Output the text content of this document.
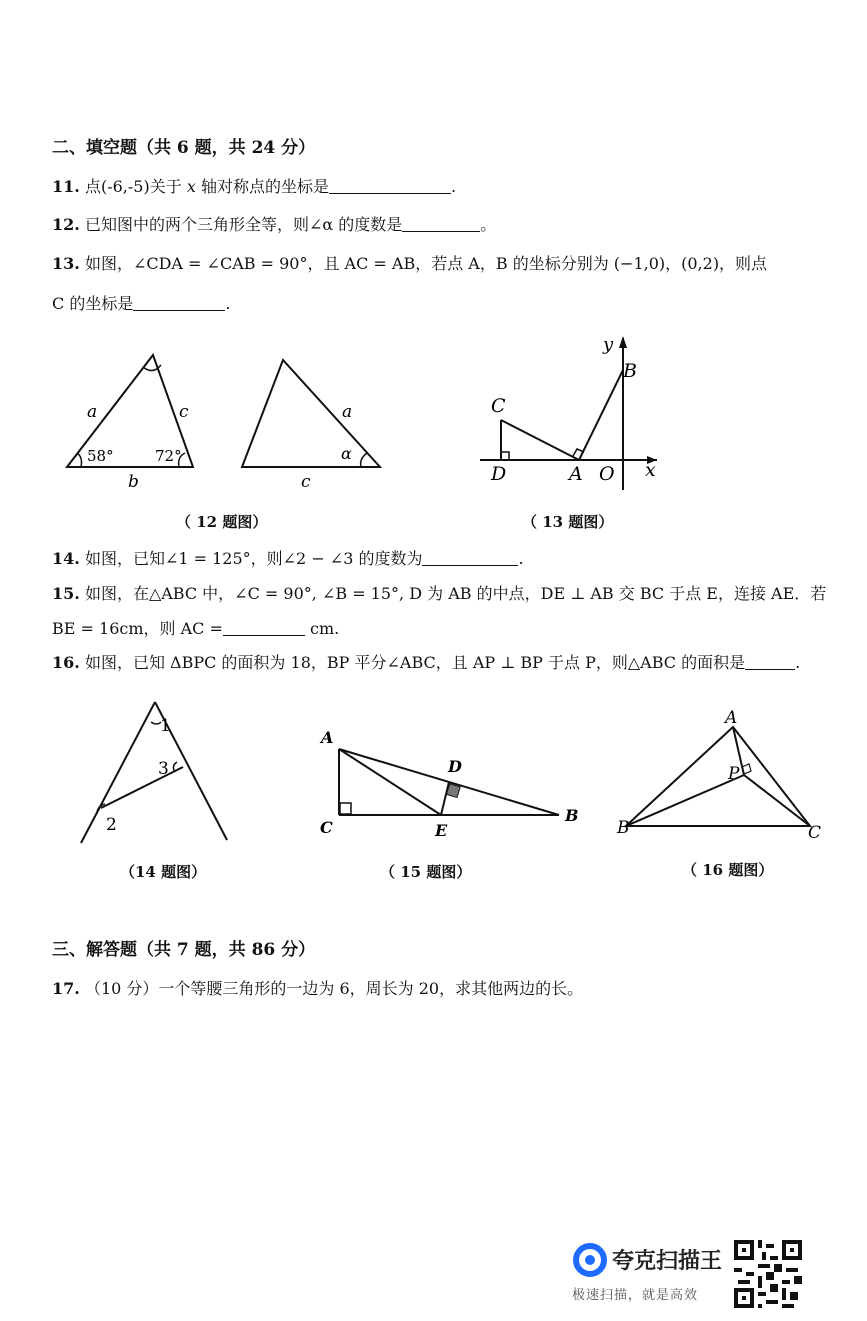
二、填空题（共 6 题，共 24 分）
11. 点(-6,-5)关于 x 轴对称点的坐标是	.
12. 已知图中的两个三角形全等，则∠α 的度数是	。
13. 如图，∠CDA = ∠CAB = 90°，且 AC = AB，若点 A，B 的坐标分别为 (−1,0)，(0,2)，则点
C 的坐标是	.
a	c
b
58°	72°
a
c
α
（ 12 题图）
y
B
C
D	A O x
（ 13 题图）
14. 如图，已知∠1 = 125°，则∠2 − ∠3 的度数为	.
15. 如图，在△ABC 中，∠C = 90°, ∠B = 15°, D 为 AB 的中点，DE ⊥ AB 交 BC 于点 E，连接 AE．若
BE = 16cm，则 AC =	cm.
16. 如图，已知 ΔBPC 的面积为 18，BP 平分∠ABC，且 AP ⊥ BP 于点 P，则△ABC 的面积是	.
1
3
2
（14 题图）
A
D
B
C	E
（ 15 题图）
A
P
B	C
（ 16 题图）
三、解答题（共 7 题，共 86 分）
17. （10 分）一个等腰三角形的一边为 6，周长为 20，求其他两边的长。
夸克扫描王
极速扫描，就是高效
